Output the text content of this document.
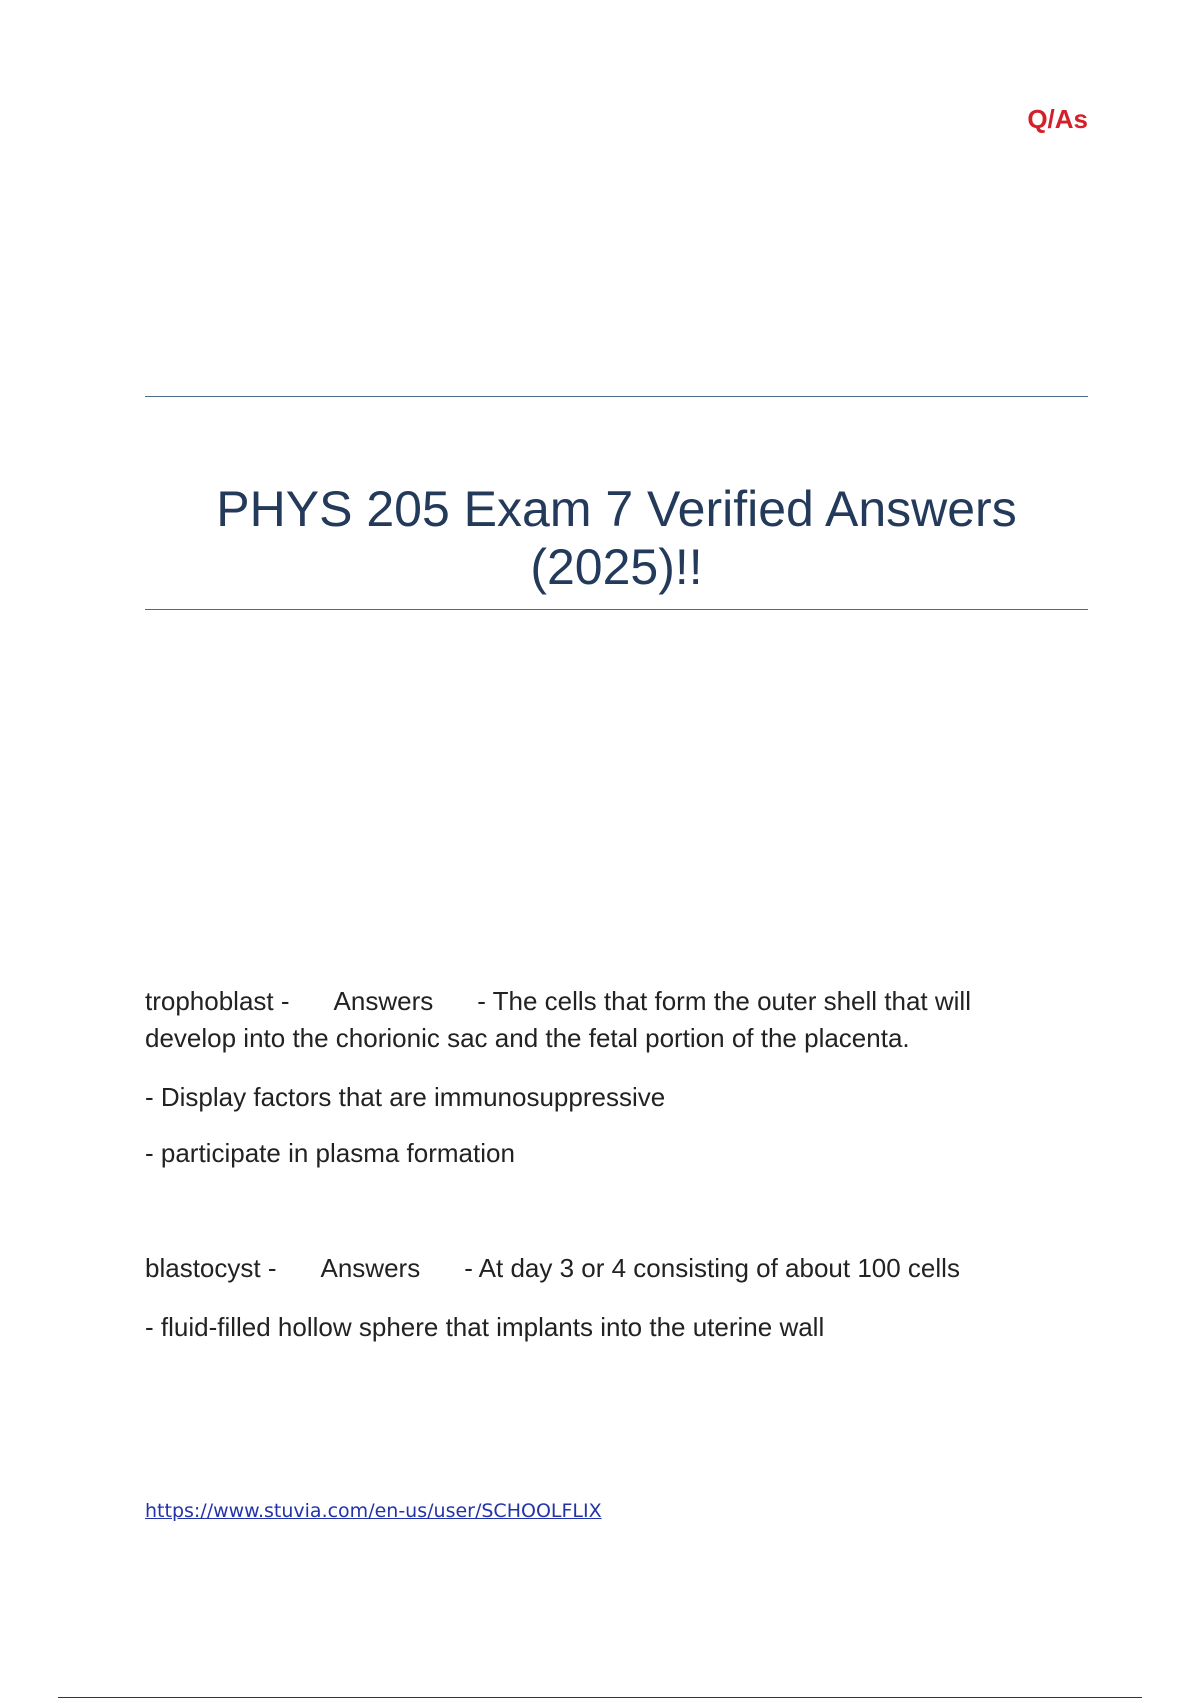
Q/As
PHYS 205 Exam 7 Verified Answers
(2025)!!

trophoblast - Answers - The cells that form the outer shell that will

develop into the chorionic sac and the fetal portion of the placenta.

- Display factors that are immunosuppressive
- participate in plasma formation

blastocyst - Answers - At day 3 or 4 consisting of about 100 cells

- fluid-filled hollow sphere that implants into the uterine wall
https://www.stuvia.com/en-us/user/SCHOOLFLIX
